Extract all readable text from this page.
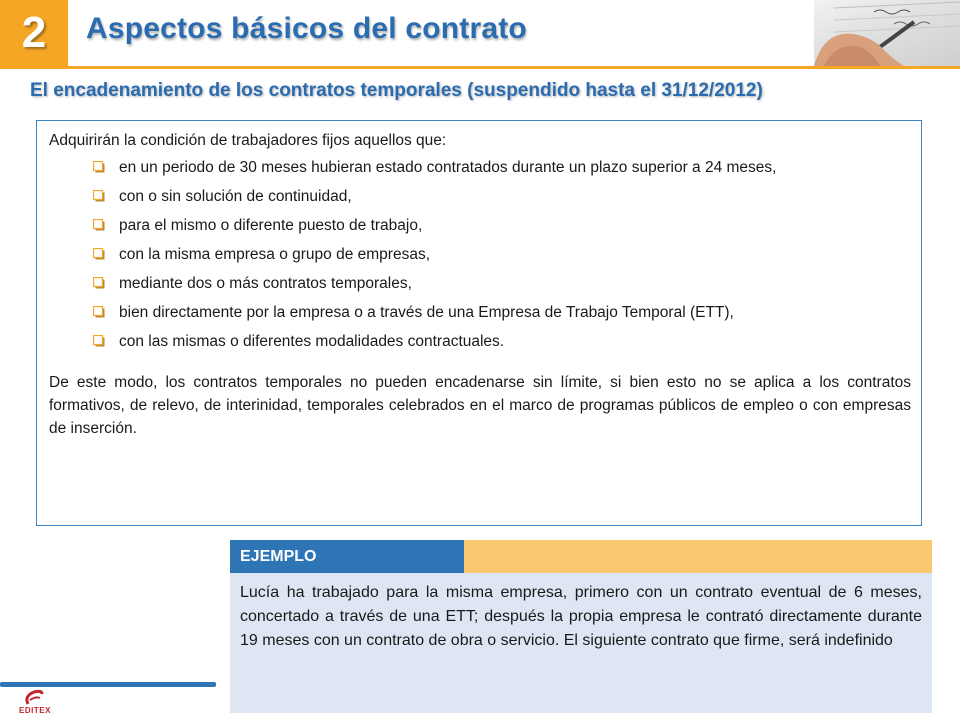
2	Aspectos básicos del contrato
El encadenamiento de los contratos temporales (suspendido hasta el 31/12/2012)
Adquirirán la condición de trabajadores fijos aquellos que:
en un periodo de 30 meses hubieran estado contratados durante un plazo superior a 24 meses,
con o sin solución de continuidad,
para el mismo o diferente puesto de trabajo,
con la misma empresa o grupo de empresas,
mediante dos o más contratos temporales,
bien directamente por la empresa o a través de una Empresa de Trabajo Temporal (ETT),
con las mismas o diferentes modalidades contractuales.
De este modo, los contratos temporales no pueden encadenarse sin límite, si bien esto no se aplica a los contratos formativos, de relevo, de interinidad, temporales celebrados en el marco de programas públicos de empleo o con empresas de inserción.
EJEMPLO
Lucía ha trabajado para la misma empresa, primero con un contrato eventual de 6 meses, concertado a través de una ETT; después la propia empresa le contrató directamente durante 19 meses con un contrato de obra o servicio. El siguiente contrato que firme, será indefinido
EDITEX
